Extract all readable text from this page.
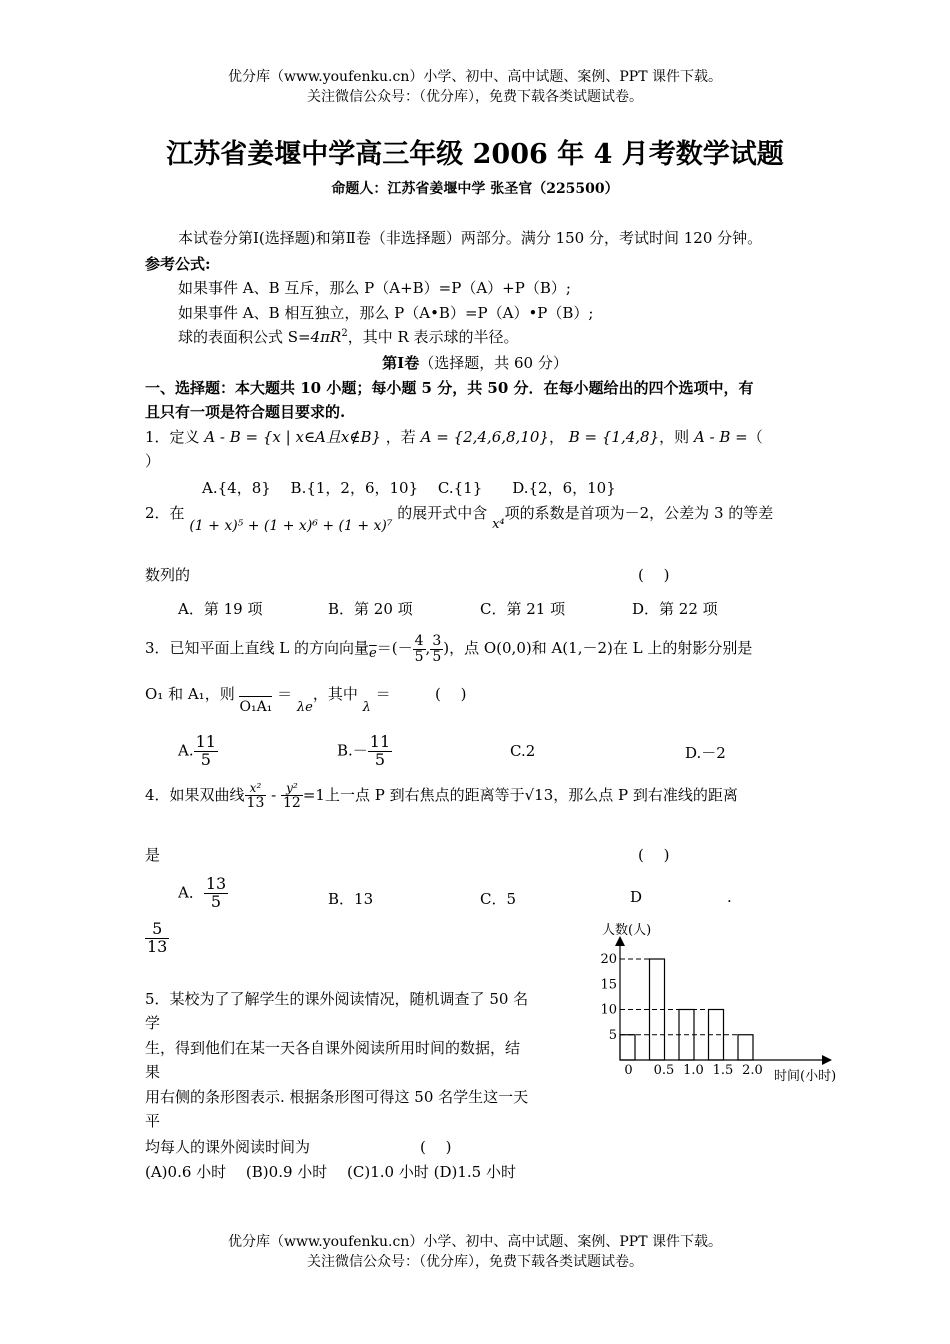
优分库（www.youfenku.cn）小学、初中、高中试题、案例、PPT 课件下载。
关注微信公众号：（优分库），免费下载各类试题试卷。
江苏省姜堰中学高三年级 2006 年 4 月考数学试题
命题人：江苏省姜堰中学 张圣官（225500）
本试卷分第Ⅰ(选择题)和第Ⅱ卷（非选择题）两部分。满分 150 分，考试时间 120 分钟。
参考公式:
如果事件 A、B 互斥，那么 P（A+B）=P（A）+P（B）;
如果事件 A、B 相互独立，那么 P（A•B）=P（A）•P（B）;
球的表面积公式 $S=4\pi R^2$，其中 R 表示球的半径。
第Ⅰ卷（选择题，共 60 分）
一、选择题：本大题共 10 小题；每小题 5 分，共 50 分．在每小题给出的四个选项中，有
且只有一项是符合题目要求的.
1．定义 A - B = {x | x∈A且x∉B} ，若 A = {2,4,6,8,10}， B = {1,4,8}，则 A - B =（
）
A.{4，8}　 B.{1，2，6，10}　 C.{1}　　D.{2，6，10}
2．在 (1 + x)⁵ + (1 + x)⁶ + (1 + x)⁷ 的展开式中含 x⁴项的系数是首项为－2，公差为 3 的等差
数列的	(　 )
A．第 19 项	B．第 20 项	C．第 21 项	D．第 22 项
3．已知平面上直线 L 的方向向量$\overline{e}=(- \frac{4}{5}$ , $\frac{3}{5}$ )，点 O(0,0)和 A(1,－2)在 L 上的射影分别是
O₁ 和 A₁，则 O₁A₁ ＝ λe，其中 λ ＝	(　 )
A. $\frac{11}{5}$	$B.- \frac{11}{5}$	C.2	D.－2
4．如果双曲线 $\frac{\text{x²}}{13} - \frac{\text{y²}}{12} =1$上一点 P 到右焦点的距离等于√13，那么点 P 到右准线的距离
是	(　 )
A． $\frac{13}{5}$	B．13	C．5	D	.
$\frac{5}{13}$
5．某校为了了解学生的课外阅读情况，随机调查了 50 名
学
生，得到他们在某一天各自课外阅读所用时间的数据，结
果
用右侧的条形图表示. 根据条形图可得这 50 名学生这一天
平
均每人的课外阅读时间为	(　 )
(A)0.6 小时　 (B)0.9 小时　 (C)1.0 小时 (D)1.5 小时
人数(人)
时间(小时)
5
10
15
20
0 0.5 1.0 1.5 2.0
优分库（www.youfenku.cn）小学、初中、高中试题、案例、PPT 课件下载。
关注微信公众号：（优分库），免费下载各类试题试卷。
